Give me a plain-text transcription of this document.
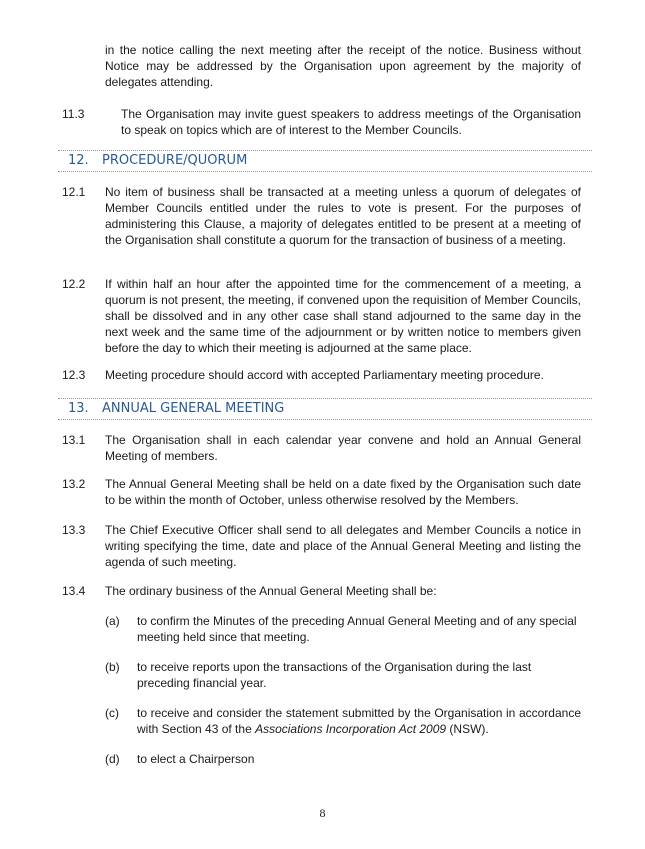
in the notice calling the next meeting after the receipt of the notice. Business without Notice may be addressed by the Organisation upon agreement by the majority of delegates attending.

11.3	The Organisation may invite guest speakers to address meetings of the Organisation to speak on topics which are of interest to the Member Councils.

12. PROCEDURE/QUORUM

12.1 No item of business shall be transacted at a meeting unless a quorum of delegates of Member Councils entitled under the rules to vote is present. For the purposes of administering this Clause, a majority of delegates entitled to be present at a meeting of the Organisation shall constitute a quorum for the transaction of business of a meeting.

12.2 If within half an hour after the appointed time for the commencement of a meeting, a quorum is not present, the meeting, if convened upon the requisition of Member Councils, shall be dissolved and in any other case shall stand adjourned to the same day in the next week and the same time of the adjournment or by written notice to members given before the day to which their meeting is adjourned at the same place.

12.3 Meeting procedure should accord with accepted Parliamentary meeting procedure.

13. ANNUAL GENERAL MEETING

13.1 The Organisation shall in each calendar year convene and hold an Annual General Meeting of members.

13.2 The Annual General Meeting shall be held on a date fixed by the Organisation such date to be within the month of October, unless otherwise resolved by the Members.

13.3 The Chief Executive Officer shall send to all delegates and Member Councils a notice in writing specifying the time, date and place of the Annual General Meeting and listing the agenda of such meeting.

13.4 The ordinary business of the Annual General Meeting shall be:

(a) to confirm the Minutes of the preceding Annual General Meeting and of any special meeting held since that meeting.

(b) to receive reports upon the transactions of the Organisation during the last preceding financial year.

(c) to receive and consider the statement submitted by the Organisation in accordance with Section 43 of the Associations Incorporation Act 2009 (NSW).

(d) to elect a Chairperson

8
